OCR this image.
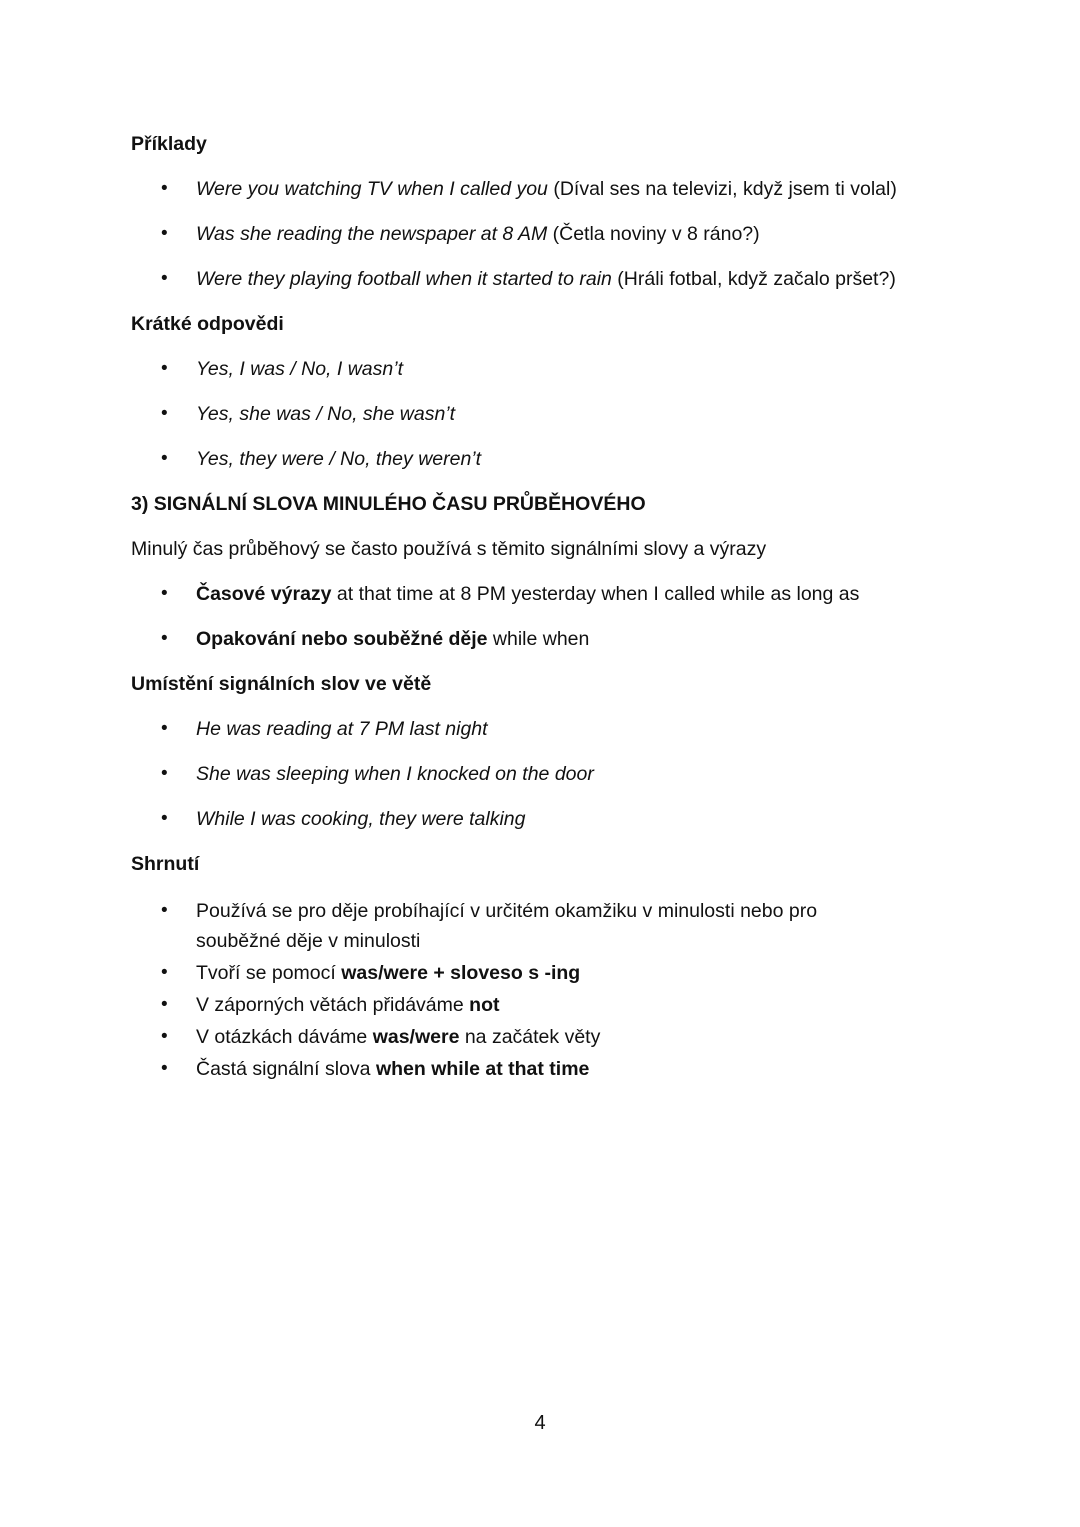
Příklady
• Were you watching TV when I called you (Díval ses na televizi, když jsem ti volal)
• Was she reading the newspaper at 8 AM (Četla noviny v 8 ráno?)
• Were they playing football when it started to rain (Hráli fotbal, když začalo pršet?)
Krátké odpovědi
• Yes, I was / No, I wasn’t
• Yes, she was / No, she wasn’t
• Yes, they were / No, they weren’t
3) SIGNÁLNÍ SLOVA MINULÉHO ČASU PRŮBĚHOVÉHO

Minulý čas průběhový se často používá s těmito signálními slovy a výrazy

• Časové výrazy at that time at 8 PM yesterday when I called while as long as
• Opakování nebo souběžné děje while when
Umístění signálních slov ve větě
• He was reading at 7 PM last night
• She was sleeping when I knocked on the door
• While I was cooking, they were talking
Shrnutí
• Používá se pro děje probíhající v určitém okamžiku v minulosti nebo pro souběžné děje v minulosti
• Tvoří se pomocí was/were + sloveso s -ing
• V záporných větách přidáváme not
• V otázkách dáváme was/were na začátek věty
• Častá signální slova when while at that time
4
